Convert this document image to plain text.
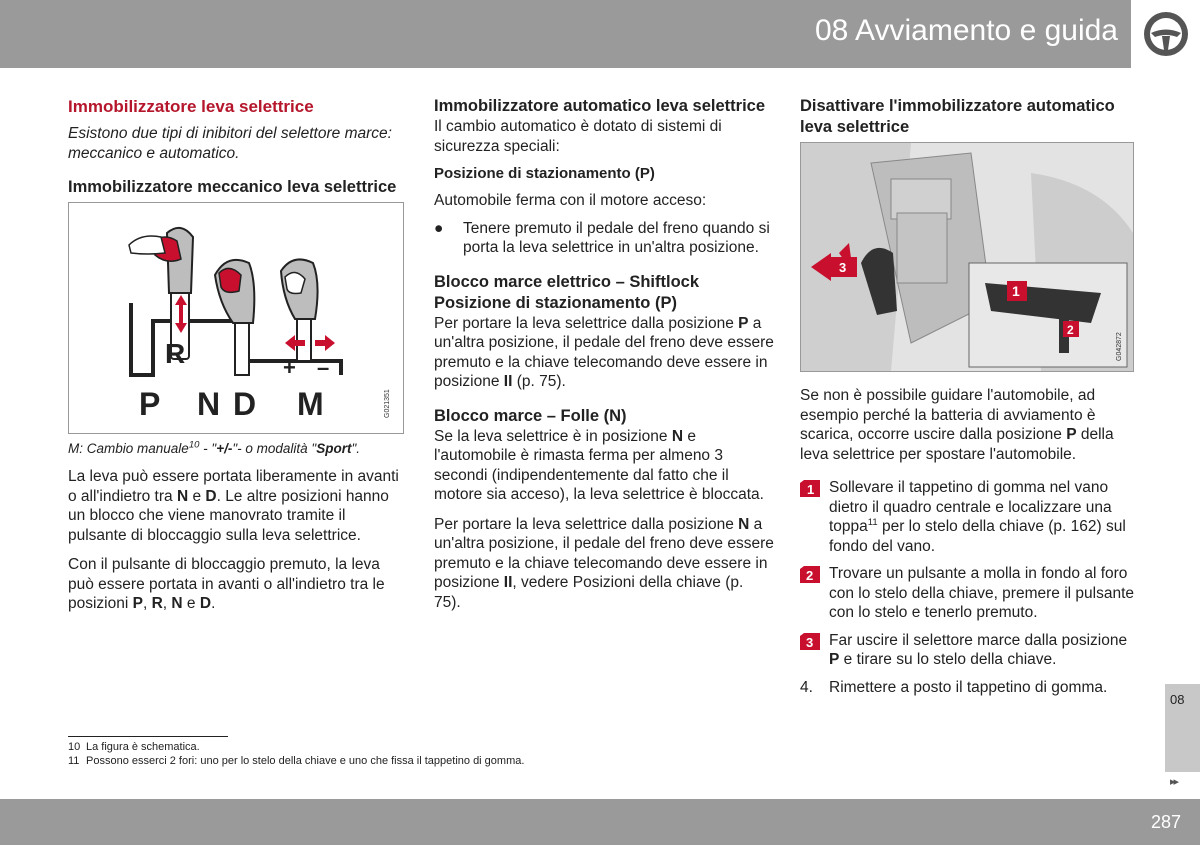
08 Avviamento e guida
Immobilizzatore leva selettrice

Esistono due tipi di inibitori del selettore marce: meccanico e automatico.

Immobilizzatore meccanico leva selettrice
R	+ –
P N D M	G021351

M: Cambio manuale$^{10}$ - "+/-"- o modalità "Sport".

La leva può essere portata liberamente in avanti o all'indietro tra N e D. Le altre posizioni hanno un blocco che viene manovrato tramite il pulsante di bloccaggio sulla leva selettrice.

Con il pulsante di bloccaggio premuto, la leva può essere portata in avanti o all'indietro tra le posizioni P, R, N e D.

Immobilizzatore automatico leva selettrice

Il cambio automatico è dotato di sistemi di sicurezza speciali:

Posizione di stazionamento (P)

Automobile ferma con il motore acceso:

● Tenere premuto il pedale del freno quando si porta la leva selettrice in un'altra posizione.
Blocco marce elettrico – Shiftlock Posizione di stazionamento (P)

Per portare la leva selettrice dalla posizione P a un'altra posizione, il pedale del freno deve essere premuto e la chiave telecomando deve essere in posizione II (p. 75).

Blocco marce – Folle (N)

Se la leva selettrice è in posizione N e l'automobile è rimasta ferma per almeno 3 secondi (indipendentemente dal fatto che il motore sia acceso), la leva selettrice è bloccata.

Per portare la leva selettrice dalla posizione N a un'altra posizione, il pedale del freno deve essere premuto e la chiave telecomando deve essere in posizione II, vedere Posizioni della chiave (p. 75).

Disattivare l'immobilizzatore automatico leva selettrice
1
2
3
G042872

Se non è possibile guidare l'automobile, ad esempio perché la batteria di avviamento è scarica, occorre uscire dalla posizione P della leva selettrice per spostare l'automobile.

1 Sollevare il tappetino di gomma nel vano dietro il quadro centrale e localizzare una toppa$^{11}$ per lo stelo della chiave (p. 162) sul fondo del vano.
2 Trovare un pulsante a molla in fondo al foro con lo stelo della chiave, premere il pulsante con lo stelo e tenerlo premuto.
3 Far uscire il selettore marce dalla posizione P e tirare su lo stelo della chiave.
4. Rimettere a posto il tappetino di gomma.
10 La figura è schematica.
11 Possono esserci 2 fori: uno per lo stelo della chiave e uno che fissa il tappetino di gomma.
08
▸▸
287
